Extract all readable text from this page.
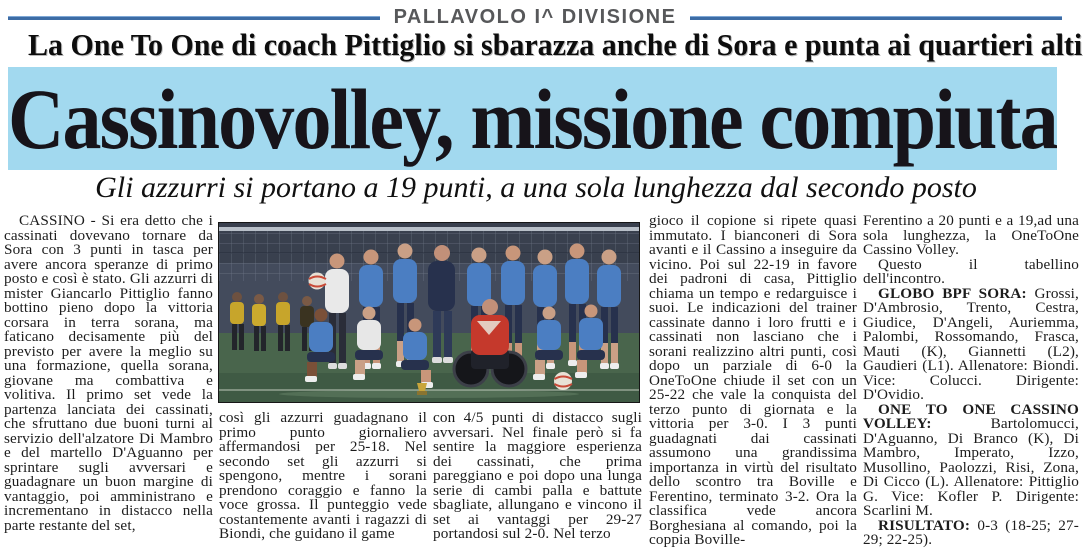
PALLAVOLO I^ DIVISIONE
La One To One di coach Pittiglio si sbarazza anche di Sora e punta ai quartieri alti
Cassinovolley, missione compiuta
Gli azzurri si portano a 19 punti, a una sola lunghezza dal secondo posto

CASSINO - Si era detto che i cassinati dovevano tornare da Sora con 3 punti in tasca per avere ancora speranze di primo posto e così è stato. Gli azzurri di mister Giancarlo Pittiglio fanno bottino pieno dopo la vittoria corsara in terra sorana, ma faticano decisamente più del previsto per avere la meglio su una formazione, quella sorana, giovane ma combattiva e volitiva. Il primo set vede la partenza lanciata dei cassinati, che sfruttano due buoni turni al servizio dell'alzatore Di Mambro e del martello D'Aguanno per sprintare sugli avversari e guadagnare un buon margine di vantaggio, poi amministrano e incrementano in distacco nella parte restante del set,

così gli azzurri guadagnano il primo punto giornaliero affermandosi per 25-18. Nel secondo set gli azzurri si spengono, mentre i sorani prendono coraggio e fanno la voce grossa. Il punteggio vede costantemente avanti i ragazzi di Biondi, che guidano il game

con 4/5 punti di distacco sugli avversari. Nel finale però si fa sentire la maggiore esperienza dei cassinati, che prima pareggiano e poi dopo una lunga serie di cambi palla e battute sbagliate, allungano e vincono il set ai vantaggi per 29-27 portandosi sul 2-0. Nel terzo

gioco il copione si ripete quasi immutato. I bianconeri di Sora avanti e il Cassino a inseguire da vicino. Poi sul 22-19 in favore dei padroni di casa, Pittiglio chiama un tempo e redarguisce i suoi. Le indicazioni del trainer cassinate danno i loro frutti e i cassinati non lasciano che i sorani realizzino altri punti, così dopo un parziale di 6-0 la OneToOne chiude il set con un 25-22 che vale la conquista del terzo punto di giornata e la vittoria per 3-0. I 3 punti guadagnati dai cassinati assumono una grandissima importanza in virtù del risultato dello scontro tra Boville e Ferentino, terminato 3-2. Ora la classifica vede ancora Borghesiana al comando, poi la coppia Boville-

Ferentino a 20 punti e a 19,ad una sola lunghezza, la OneToOne Cassino Volley.

Questo il tabellino dell'incontro.

GLOBO BPF SORA: Grossi, D'Ambrosio, Trento, Cestra, Giudice, D'Angeli, Auriemma, Palombi, Rossomando, Frasca, Mauti (K), Giannetti (L2), Gaudieri (L1). Allenatore: Biondi. Vice: Colucci. Dirigente: D'Ovidio.

ONE TO ONE CASSINO VOLLEY: Bartolomucci, D'Aguanno, Di Branco (K), Di Mambro, Imperato, Izzo, Musollino, Paolozzi, Risi, Zona, Di Cicco (L). Allenatore: Pittiglio G. Vice: Kofler P. Dirigente: Scarlini M.

RISULTATO: 0-3 (18-25; 27-29; 22-25).
